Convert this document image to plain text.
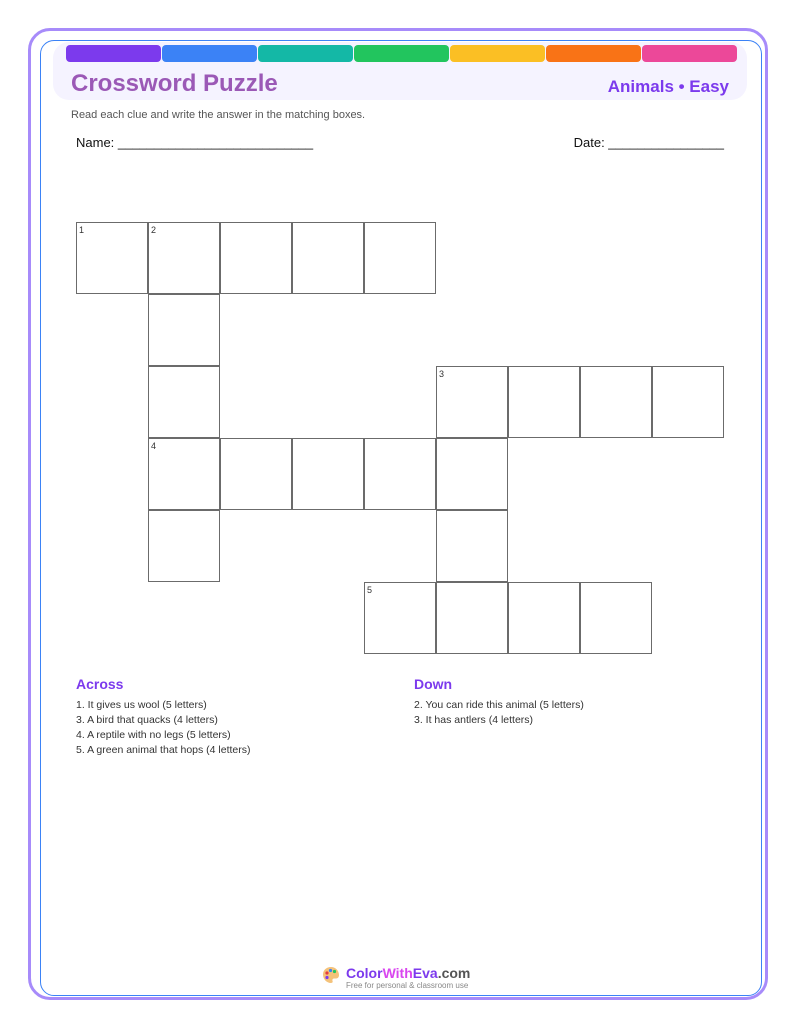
Crossword Puzzle	Animals • Easy
Read each clue and write the answer in the matching boxes.
Name: ___________________________	Date: ________________
1	2
3
4
5
Across
1. It gives us wool (5 letters)
3. A bird that quacks (4 letters)
4. A reptile with no legs (5 letters)
5. A green animal that hops (4 letters)
Down
2. You can ride this animal (5 letters)
3. It has antlers (4 letters)
ColorWithEva.com
Free for personal & classroom use
